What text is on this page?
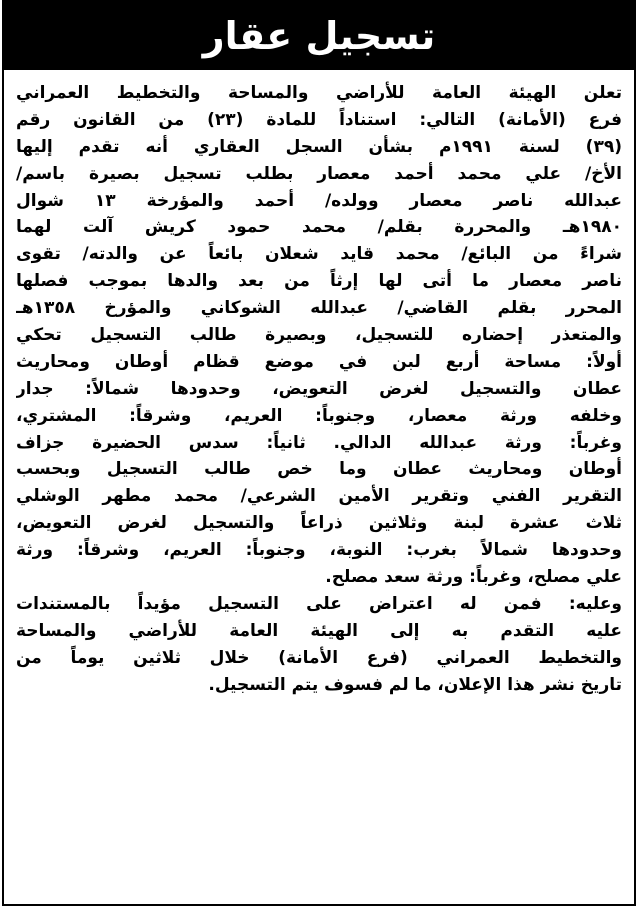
تسجيل عقار
تعلن الهيئة العامة للأراضي والمساحة والتخطيط العمراني
فرع (الأمانة) التالي: استناداً للمادة (٢٣) من القانون رقم
(٣٩) لسنة ١٩٩١م بشأن السجل العقاري أنه تقدم إليها
الأخ/ علي محمد أحمد معصار بطلب تسجيل بصيرة باسم/
عبدالله ناصر معصار وولده/ أحمد والمؤرخة ١٣ شوال
١٩٨٠هـ والمحررة بقلم/ محمد حمود كريش آلت لهما
شراءً من البائع/ محمد قايد شعلان بائعاً عن والدته/ تقوى
ناصر معصار ما أتى لها إرثاً من بعد والدها بموجب فصلها
المحرر بقلم القاضي/ عبدالله الشوكاني والمؤرخ ١٣٥٨هـ
والمتعذر إحضاره للتسجيل، وبصيرة طالب التسجيل تحكي
أولاً: مساحة أربع لبن في موضع قظام أوطان ومحاريث
عطان والتسجيل لغرض التعويض، وحدودها شمالاً: جدار
وخلفه ورثة معصار، وجنوباً: العريم، وشرقاً: المشتري،
وغرباً: ورثة عبدالله الدالي. ثانياً: سدس الحضيرة جزاف
أوطان ومحاريث عطان وما خص طالب التسجيل وبحسب
التقرير الفني وتقرير الأمين الشرعي/ محمد مطهر الوشلي
ثلاث عشرة لبنة وثلاثين ذراعاً والتسجيل لغرض التعويض،
وحدودها شمالاً بغرب: النوبة، وجنوباً: العريم، وشرقاً: ورثة
علي مصلح، وغرباً: ورثة سعد مصلح.
وعليه: فمن له اعتراض على التسجيل مؤيداً بالمستندات
عليه التقدم به إلى الهيئة العامة للأراضي والمساحة
والتخطيط العمراني (فرع الأمانة) خلال ثلاثين يوماً من
تاريخ نشر هذا الإعلان، ما لم فسوف يتم التسجيل.
